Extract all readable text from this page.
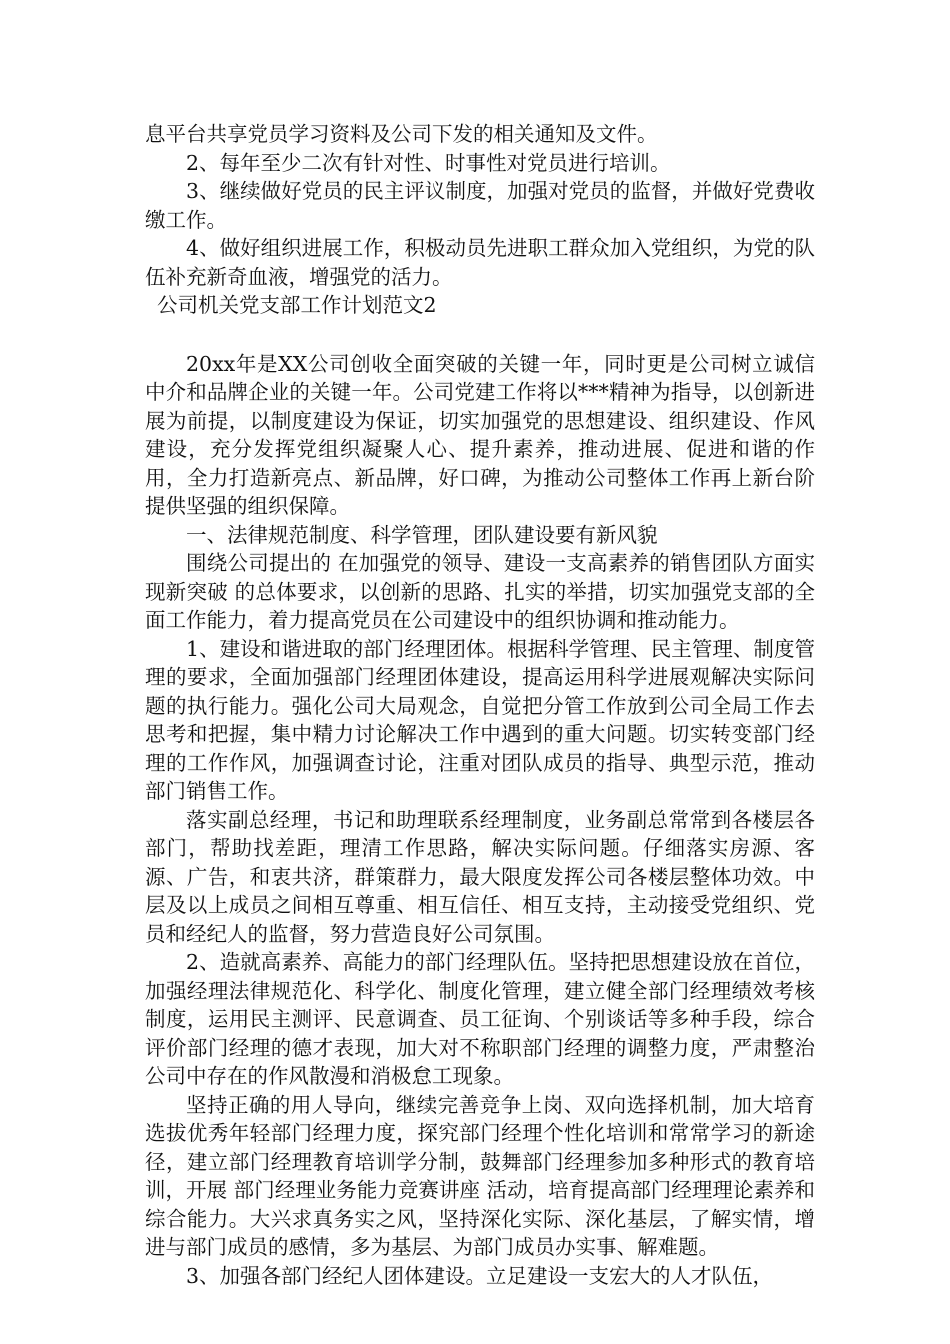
息平台共享党员学习资料及公司下发的相关通知及文件。

2、每年至少二次有针对性、时事性对党员进行培训。

3、继续做好党员的民主评议制度，加强对党员的监督，并做好党费收缴工作。

4、做好组织进展工作，积极动员先进职工群众加入党组织，为党的队伍补充新奇血液，增强党的活力。

公司机关党支部工作计划范文2

20xx年是XX公司创收全面突破的关键一年，同时更是公司树立诚信中介和品牌企业的关键一年。公司党建工作将以***精神为指导，以创新进展为前提，以制度建设为保证，切实加强党的思想建设、组织建设、作风建设，充分发挥党组织凝聚人心、提升素养，推动进展、促进和谐的作用，全力打造新亮点、新品牌，好口碑，为推动公司整体工作再上新台阶提供坚强的组织保障。

一、法律规范制度、科学管理，团队建设要有新风貌

围绕公司提出的 在加强党的领导、建设一支高素养的销售团队方面实现新突破 的总体要求，以创新的思路、扎实的举措，切实加强党支部的全面工作能力，着力提高党员在公司建设中的组织协调和推动能力。

1、建设和谐进取的部门经理团体。根据科学管理、民主管理、制度管理的要求，全面加强部门经理团体建设，提高运用科学进展观解决实际问题的执行能力。强化公司大局观念，自觉把分管工作放到公司全局工作去思考和把握，集中精力讨论解决工作中遇到的重大问题。切实转变部门经理的工作作风，加强调查讨论，注重对团队成员的指导、典型示范，推动部门销售工作。

落实副总经理，书记和助理联系经理制度，业务副总常常到各楼层各部门，帮助找差距，理清工作思路，解决实际问题。仔细落实房源、客源、广告，和衷共济，群策群力，最大限度发挥公司各楼层整体功效。中层及以上成员之间相互尊重、相互信任、相互支持，主动接受党组织、党员和经纪人的监督，努力营造良好公司氛围。

2、造就高素养、高能力的部门经理队伍。坚持把思想建设放在首位，加强经理法律规范化、科学化、制度化管理，建立健全部门经理绩效考核制度，运用民主测评、民意调查、员工征询、个别谈话等多种手段，综合评价部门经理的德才表现，加大对不称职部门经理的调整力度，严肃整治公司中存在的作风散漫和消极怠工现象。

坚持正确的用人导向，继续完善竞争上岗、双向选择机制，加大培育选拔优秀年轻部门经理力度，探究部门经理个性化培训和常常学习的新途径，建立部门经理教育培训学分制，鼓舞部门经理参加多种形式的教育培训，开展 部门经理业务能力竞赛讲座 活动，培育提高部门经理理论素养和综合能力。大兴求真务实之风，坚持深化实际、深化基层，了解实情，增进与部门成员的感情，多为基层、为部门成员办实事、解难题。

3、加强各部门经纪人团体建设。立足建设一支宏大的人才队伍，
